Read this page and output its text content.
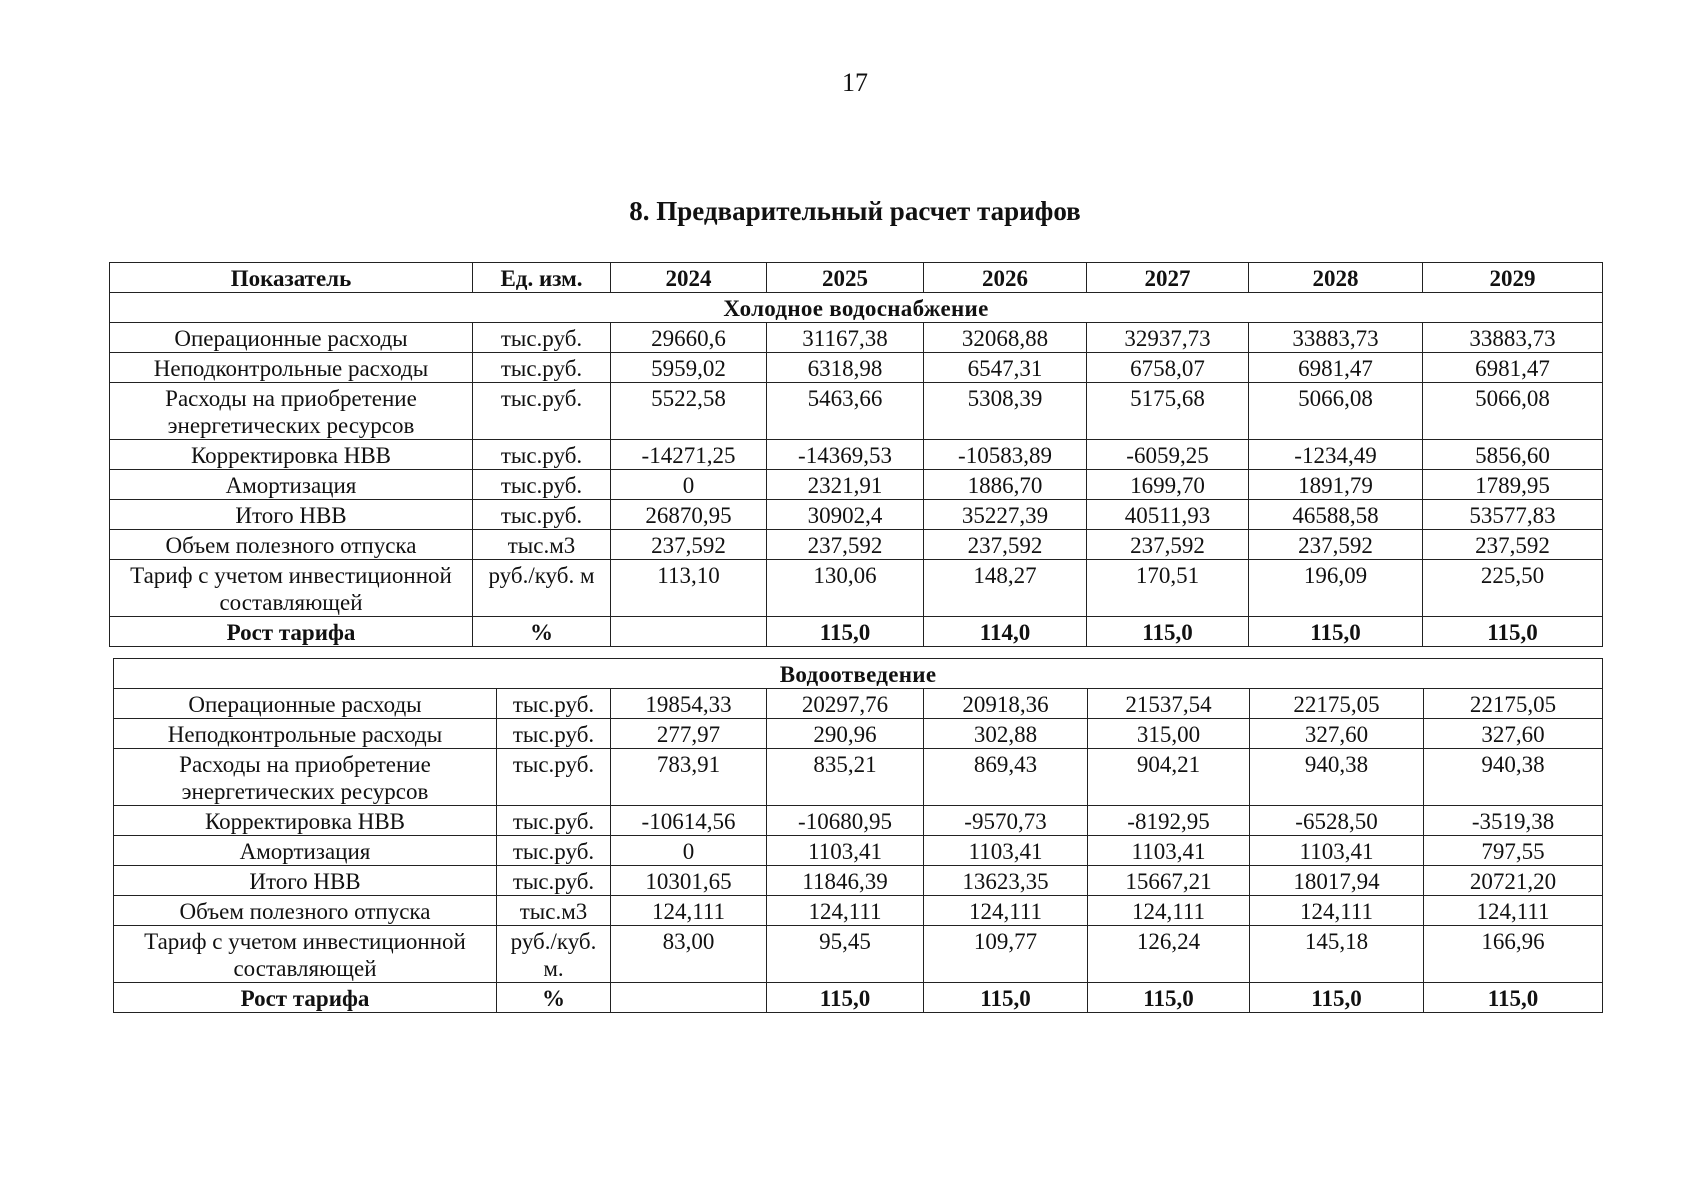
17
8. Предварительный расчет тарифов
Показатель	Ед. изм.	2024	2025	2026	2027	2028	2029
Холодное водоснабжение							
Операционные расходы	тыс.руб.	29660,6	31167,38	32068,88	32937,73	33883,73	33883,73
Неподконтрольные расходы	тыс.руб.	5959,02	6318,98	6547,31	6758,07	6981,47	6981,47
Расходы на приобретение энергетических ресурсов	тыс.руб.	5522,58	5463,66	5308,39	5175,68	5066,08	5066,08
Корректировка НВВ	тыс.руб.	-14271,25	-14369,53	-10583,89	-6059,25	-1234,49	5856,60
Амортизация	тыс.руб.	0	2321,91	1886,70	1699,70	1891,79	1789,95
Итого НВВ	тыс.руб.	26870,95	30902,4	35227,39	40511,93	46588,58	53577,83
Объем полезного отпуска	тыс.м3	237,592	237,592	237,592	237,592	237,592	237,592
Тариф с учетом инвестиционной составляющей	руб./куб. м	113,10	130,06	148,27	170,51	196,09	225,50
Рост тарифа	%		115,0	114,0	115,0	115,0	115,0
Водоотведение							
Операционные расходы	тыс.руб.	19854,33	20297,76	20918,36	21537,54	22175,05	22175,05
Неподконтрольные расходы	тыс.руб.	277,97	290,96	302,88	315,00	327,60	327,60
Расходы на приобретение энергетических ресурсов	тыс.руб.	783,91	835,21	869,43	904,21	940,38	940,38
Корректировка НВВ	тыс.руб.	-10614,56	-10680,95	-9570,73	-8192,95	-6528,50	-3519,38
Амортизация	тыс.руб.	0	1103,41	1103,41	1103,41	1103,41	797,55
Итого НВВ	тыс.руб.	10301,65	11846,39	13623,35	15667,21	18017,94	20721,20
Объем полезного отпуска	тыс.м3	124,111	124,111	124,111	124,111	124,111	124,111
Тариф с учетом инвестиционной составляющей	руб./куб. м.	83,00	95,45	109,77	126,24	145,18	166,96
Рост тарифа	%		115,0	115,0	115,0	115,0	115,0
